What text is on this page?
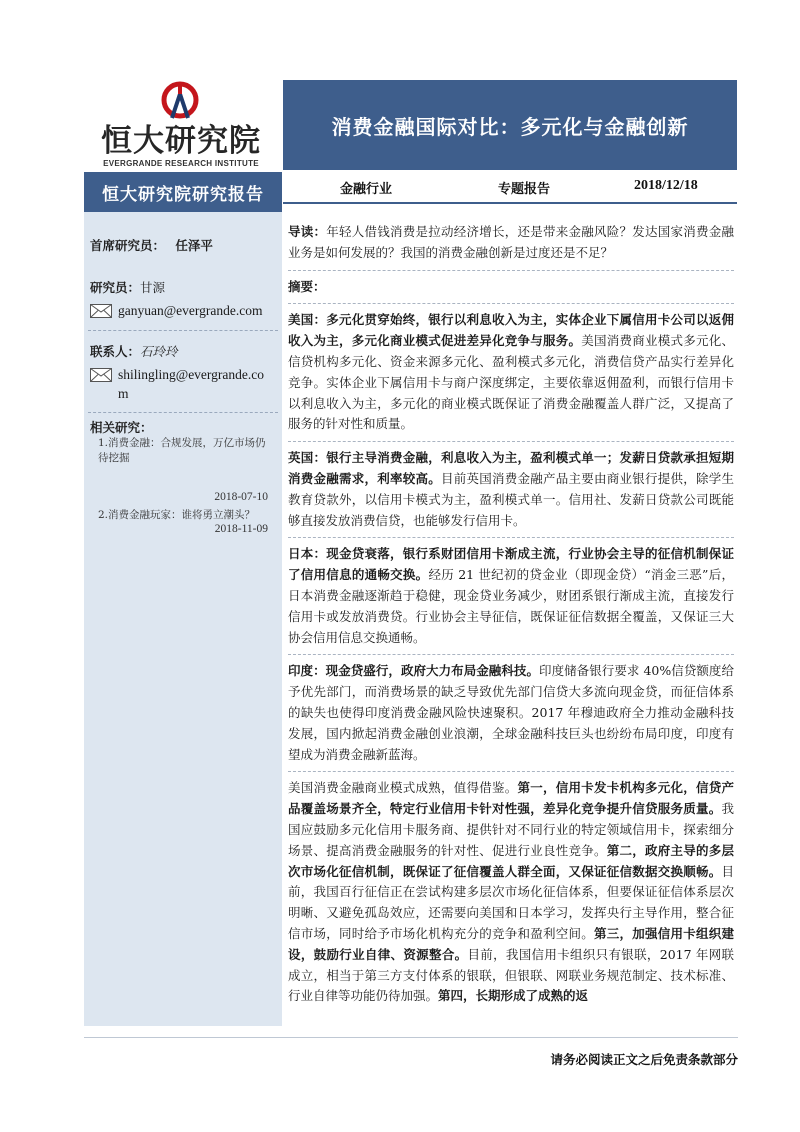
恒大研究院
EVERGRANDE RESEARCH INSTITUTE
消费金融国际对比：多元化与金融创新
金融行业	专题报告	2018/12/18
恒大研究院研究报告
首席研究员： 任泽平
研究员：甘源
ganyuan@evergrande.com
联系人：石玲玲
shilingling@evergrande.co
m
相关研究：
1.消费金融：合规发展，万亿市场仍待挖掘
2018-07-10
2.消费金融玩家：谁将勇立潮头？
2018-11-09

导读：年轻人借钱消费是拉动经济增长，还是带来金融风险？发达国家消费金融业务是如何发展的？我国的消费金融创新是过度还是不足？

摘要：

美国：多元化贯穿始终，银行以利息收入为主，实体企业下属信用卡公司以返佣收入为主，多元化商业模式促进差异化竞争与服务。美国消费商业模式多元化、信贷机构多元化、资金来源多元化、盈利模式多元化，消费信贷产品实行差异化竞争。实体企业下属信用卡与商户深度绑定，主要依靠返佣盈利，而银行信用卡以利息收入为主，多元化的商业模式既保证了消费金融覆盖人群广泛，又提高了服务的针对性和质量。

英国：银行主导消费金融，利息收入为主，盈利模式单一；发薪日贷款承担短期消费金融需求，利率较高。目前英国消费金融产品主要由商业银行提供，除学生教育贷款外，以信用卡模式为主，盈利模式单一。信用社、发薪日贷款公司既能够直接发放消费信贷，也能够发行信用卡。

日本：现金贷衰落，银行系财团信用卡渐成主流，行业协会主导的征信机制保证了信用信息的通畅交换。经历 21 世纪初的贷金业（即现金贷）“消金三恶”后，日本消费金融逐渐趋于稳健，现金贷业务减少，财团系银行渐成主流，直接发行信用卡或发放消费贷。行业协会主导征信，既保证征信数据全覆盖，又保证三大协会信用信息交换通畅。

印度：现金贷盛行，政府大力布局金融科技。印度储备银行要求 40%信贷额度给予优先部门，而消费场景的缺乏导致优先部门信贷大多流向现金贷，而征信体系的缺失也使得印度消费金融风险快速聚积。2017 年穆迪政府全力推动金融科技发展，国内掀起消费金融创业浪潮，全球金融科技巨头也纷纷布局印度，印度有望成为消费金融新蓝海。

美国消费金融商业模式成熟，值得借鉴。第一，信用卡发卡机构多元化，信贷产品覆盖场景齐全，特定行业信用卡针对性强，差异化竞争提升信贷服务质量。我国应鼓励多元化信用卡服务商、提供针对不同行业的特定领域信用卡，探索细分场景、提高消费金融服务的针对性、促进行业良性竞争。第二，政府主导的多层次市场化征信机制，既保证了征信覆盖人群全面，又保证征信数据交换顺畅。目前，我国百行征信正在尝试构建多层次市场化征信体系，但要保证征信体系层次明晰、又避免孤岛效应，还需要向美国和日本学习，发挥央行主导作用，整合征信市场，同时给予市场化机构充分的竞争和盈利空间。第三，加强信用卡组织建设，鼓励行业自律、资源整合。目前，我国信用卡组织只有银联，2017 年网联成立，相当于第三方支付体系的银联，但银联、网联业务规范制定、技术标准、行业自律等功能仍待加强。第四，长期形成了成熟的返

请务必阅读正文之后免责条款部分
